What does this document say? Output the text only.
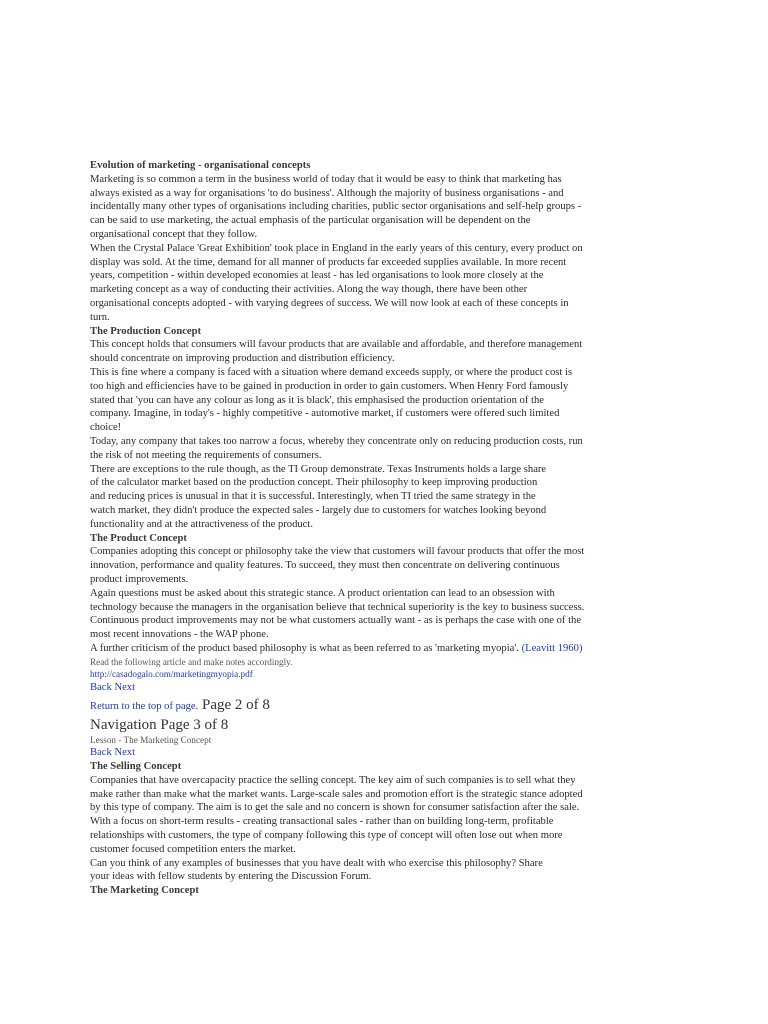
Evolution of marketing - organisational concepts
Marketing is so common a term in the business world of today that it would be easy to think that marketing has
always existed as a way for organisations 'to do business'. Although the majority of business organisations - and
incidentally many other types of organisations including charities, public sector organisations and self-help groups -
can be said to use marketing, the actual emphasis of the particular organisation will be dependent on the
organisational concept that they follow.
When the Crystal Palace 'Great Exhibition' took place in England in the early years of this century, every product on
display was sold. At the time, demand for all manner of products far exceeded supplies available. In more recent
years, competition - within developed economies at least - has led organisations to look more closely at the
marketing concept as a way of conducting their activities. Along the way though, there have been other
organisational concepts adopted - with varying degrees of success. We will now look at each of these concepts in
turn.
The Production Concept
This concept holds that consumers will favour products that are available and affordable, and therefore management
should concentrate on improving production and distribution efficiency.
This is fine where a company is faced with a situation where demand exceeds supply, or where the product cost is
too high and efficiencies have to be gained in production in order to gain customers. When Henry Ford famously
stated that 'you can have any colour as long as it is black', this emphasised the production orientation of the
company. Imagine, in today's - highly competitive - automotive market, if customers were offered such limited
choice!
Today, any company that takes too narrow a focus, whereby they concentrate only on reducing production costs, run
the risk of not meeting the requirements of consumers.
There are exceptions to the rule though, as the TI Group demonstrate. Texas Instruments holds a large share
of the calculator market based on the production concept. Their philosophy to keep improving production
and reducing prices is unusual in that it is successful. Interestingly, when TI tried the same strategy in the
watch market, they didn't produce the expected sales - largely due to customers for watches looking beyond
functionality and at the attractiveness of the product.
The Product Concept
Companies adopting this concept or philosophy take the view that customers will favour products that offer the most
innovation, performance and quality features. To succeed, they must then concentrate on delivering continuous
product improvements.
Again questions must be asked about this strategic stance. A product orientation can lead to an obsession with
technology because the managers in the organisation believe that technical superiority is the key to business success.
Continuous product improvements may not be what customers actually want - as is perhaps the case with one of the
most recent innovations - the WAP phone.
A further criticism of the product based philosophy is what as been referred to as 'marketing myopia'. (Leavitt 1960)
Read the following article and make notes accordingly.
http://casadogalo.com/marketingmyopia.pdf
Back Next
Return to the top of page. Page 2 of 8
Navigation Page 3 of 8
Lesson - The Marketing Concept
Back Next
The Selling Concept
Companies that have overcapacity practice the selling concept. The key aim of such companies is to sell what they
make rather than make what the market wants. Large-scale sales and promotion effort is the strategic stance adopted
by this type of company. The aim is to get the sale and no concern is shown for consumer satisfaction after the sale.
With a focus on short-term results - creating transactional sales - rather than on building long-term, profitable
relationships with customers, the type of company following this type of concept will often lose out when more
customer focused competition enters the market.
Can you think of any examples of businesses that you have dealt with who exercise this philosophy? Share
your ideas with fellow students by entering the Discussion Forum.
The Marketing Concept
